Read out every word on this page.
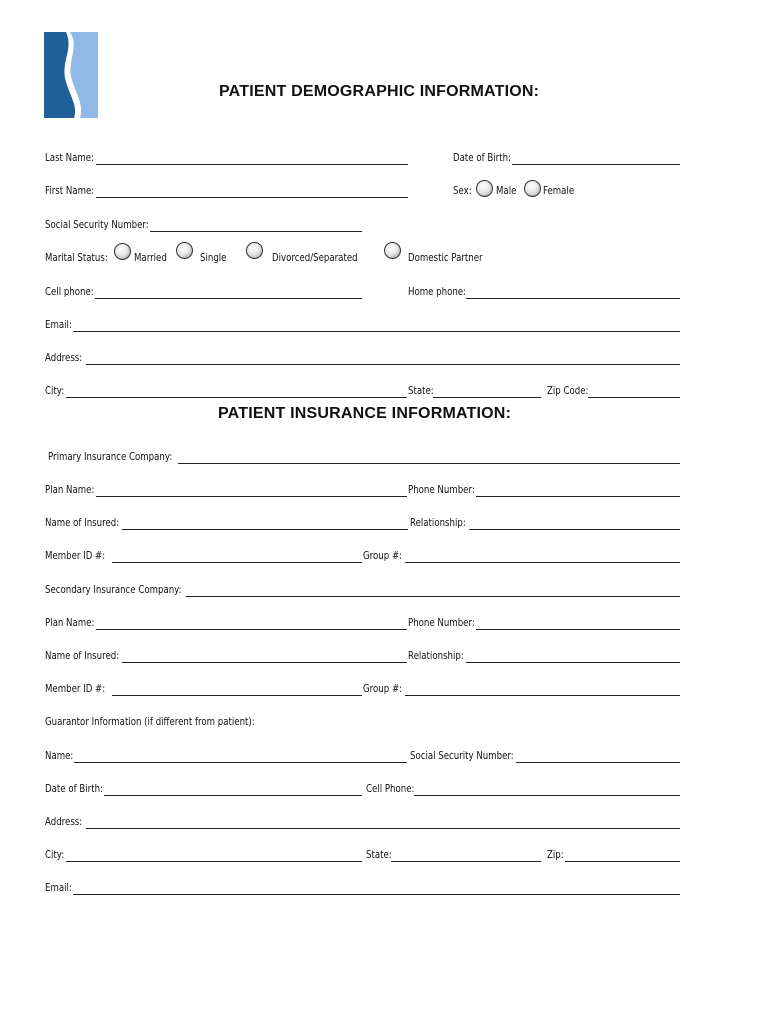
PATIENT DEMOGRAPHIC INFORMATION:
Last Name:	Date of Birth:
First Name:	Sex: Male	Female
Social Security Number:
Marital Status: Married	Single	Divorced/Separated	Domestic Partner
Cell phone:	Home phone:
Email:
Address:
City:	State:	Zip Code:
PATIENT INSURANCE INFORMATION:
Primary Insurance Company:
Plan Name:	Phone Number:
Name of Insured:	Relationship:
Member ID #:	Group #:
Secondary Insurance Company:
Plan Name:	Phone Number:
Name of Insured:	Relationship:
Member ID #:	Group #:
Guarantor Information (if different from patient):
Name:	Social Security Number:
Date of Birth:	Cell Phone:
Address:
City:	State:	Zip:
Email:
